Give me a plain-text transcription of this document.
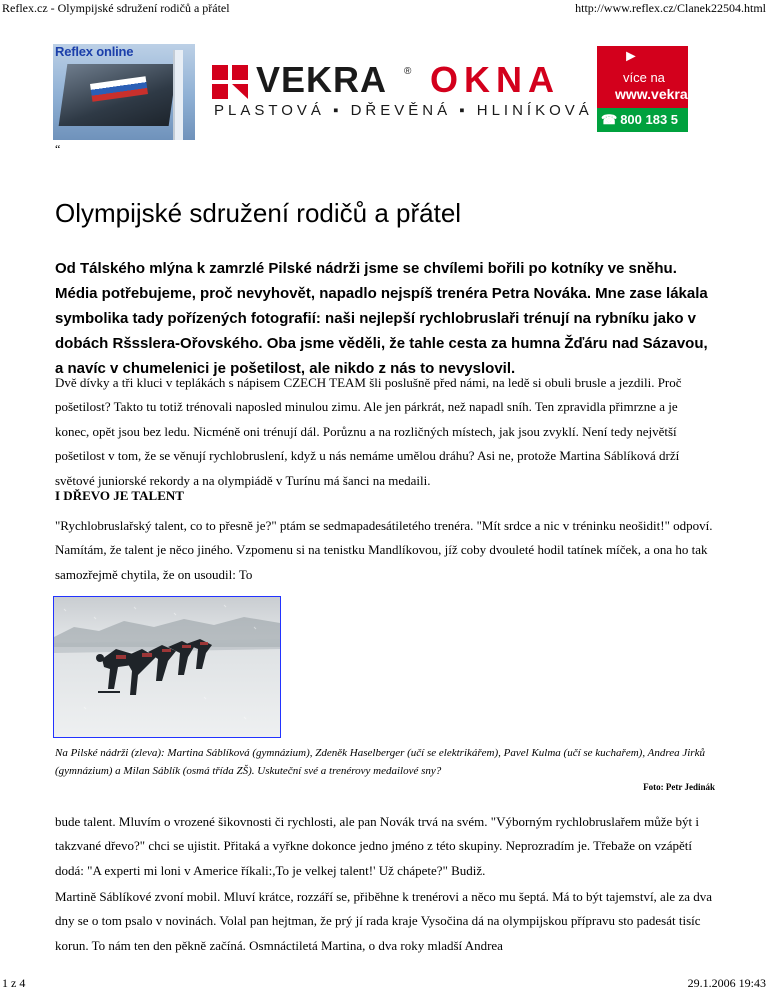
Reflex.cz - Olympijské sdružení rodičů a přátel	http://www.reflex.cz/Clanek22504.html
Reflex online
VEKRA ® OKNA
PLASTOVÁ ▪ DŘEVĚNÁ ▪ HLINÍKOVÁ
►
více na
www.vekra
☎ 800 183 5
“
Olympijské sdružení rodičů a přátel

Od Tálského mlýna k zamrzlé Pilské nádrži jsme se chvílemi bořili po kotníky ve sněhu. Média potřebujeme, proč nevyhovět, napadlo nejspíš trenéra Petra Nováka. Mne zase lákala symbolika tady pořízených fotografií: naši nejlepší rychlobruslaři trénují na rybníku jako v dobách Ršsslera-Ořovského. Oba jsme věděli, že tahle cesta za humna Žďáru nad Sázavou, a navíc v chumelenici je pošetilost, ale nikdo z nás to nevyslovil.

Dvě dívky a tři kluci v teplákách s nápisem CZECH TEAM šli poslušně před námi, na ledě si obuli brusle a jezdili. Proč pošetilost? Takto tu totiž trénovali naposled minulou zimu. Ale jen párkrát, než napadl sníh. Ten zpravidla přimrzne a je konec, opět jsou bez ledu. Nicméně oni trénují dál. Porůznu a na rozličných místech, jak jsou zvyklí. Není tedy největší pošetilost v tom, že se věnují rychlobruslení, když u nás nemáme umělou dráhu? Asi ne, protože Martina Sáblíková drží světové juniorské rekordy a na olympiádě v Turínu má šanci na medaili.

I DŘEVO JE TALENT

"Rychlobruslařský talent, co to přesně je?" ptám se sedmapadesátiletého trenéra. "Mít srdce a nic v tréninku neošidit!" odpoví. Namítám, že talent je něco jiného. Vzpomenu si na tenistku Mandlíkovou, jíž coby dvouleté hodil tatínek míček, a ona ho tak samozřejmě chytila, že on usoudil: To

Na Pilské nádrži (zleva): Martina Sáblíková (gymnázium), Zdeněk Haselberger (učí se elektrikářem), Pavel Kulma (učí se kuchařem), Andrea Jirků (gymnázium) a Milan Sáblík (osmá třída ZŠ). Uskuteční své a trenérovy medailové sny?

Foto: Petr Jedinák

bude talent. Mluvím o vrozené šikovnosti či rychlosti, ale pan Novák trvá na svém. "Výborným rychlobruslařem může být i takzvané dřevo?" chci se ujistit. Přitaká a vyřkne dokonce jedno jméno z této skupiny. Neprozradím je. Třebaže on vzápětí dodá: "A experti mi loni v Americe říkali:,To je velkej talent!' Už chápete?" Budiž.

Martině Sáblíkové zvoní mobil. Mluví krátce, rozzáří se, přiběhne k trenérovi a něco mu šeptá. Má to být tajemství, ale za dva dny se o tom psalo v novinách. Volal pan hejtman, že prý jí rada kraje Vysočina dá na olympijskou přípravu sto padesát tisíc korun. To nám ten den pěkně začíná. Osmnáctiletá Martina, o dva roky mladší Andrea

1 z 4	29.1.2006 19:43
